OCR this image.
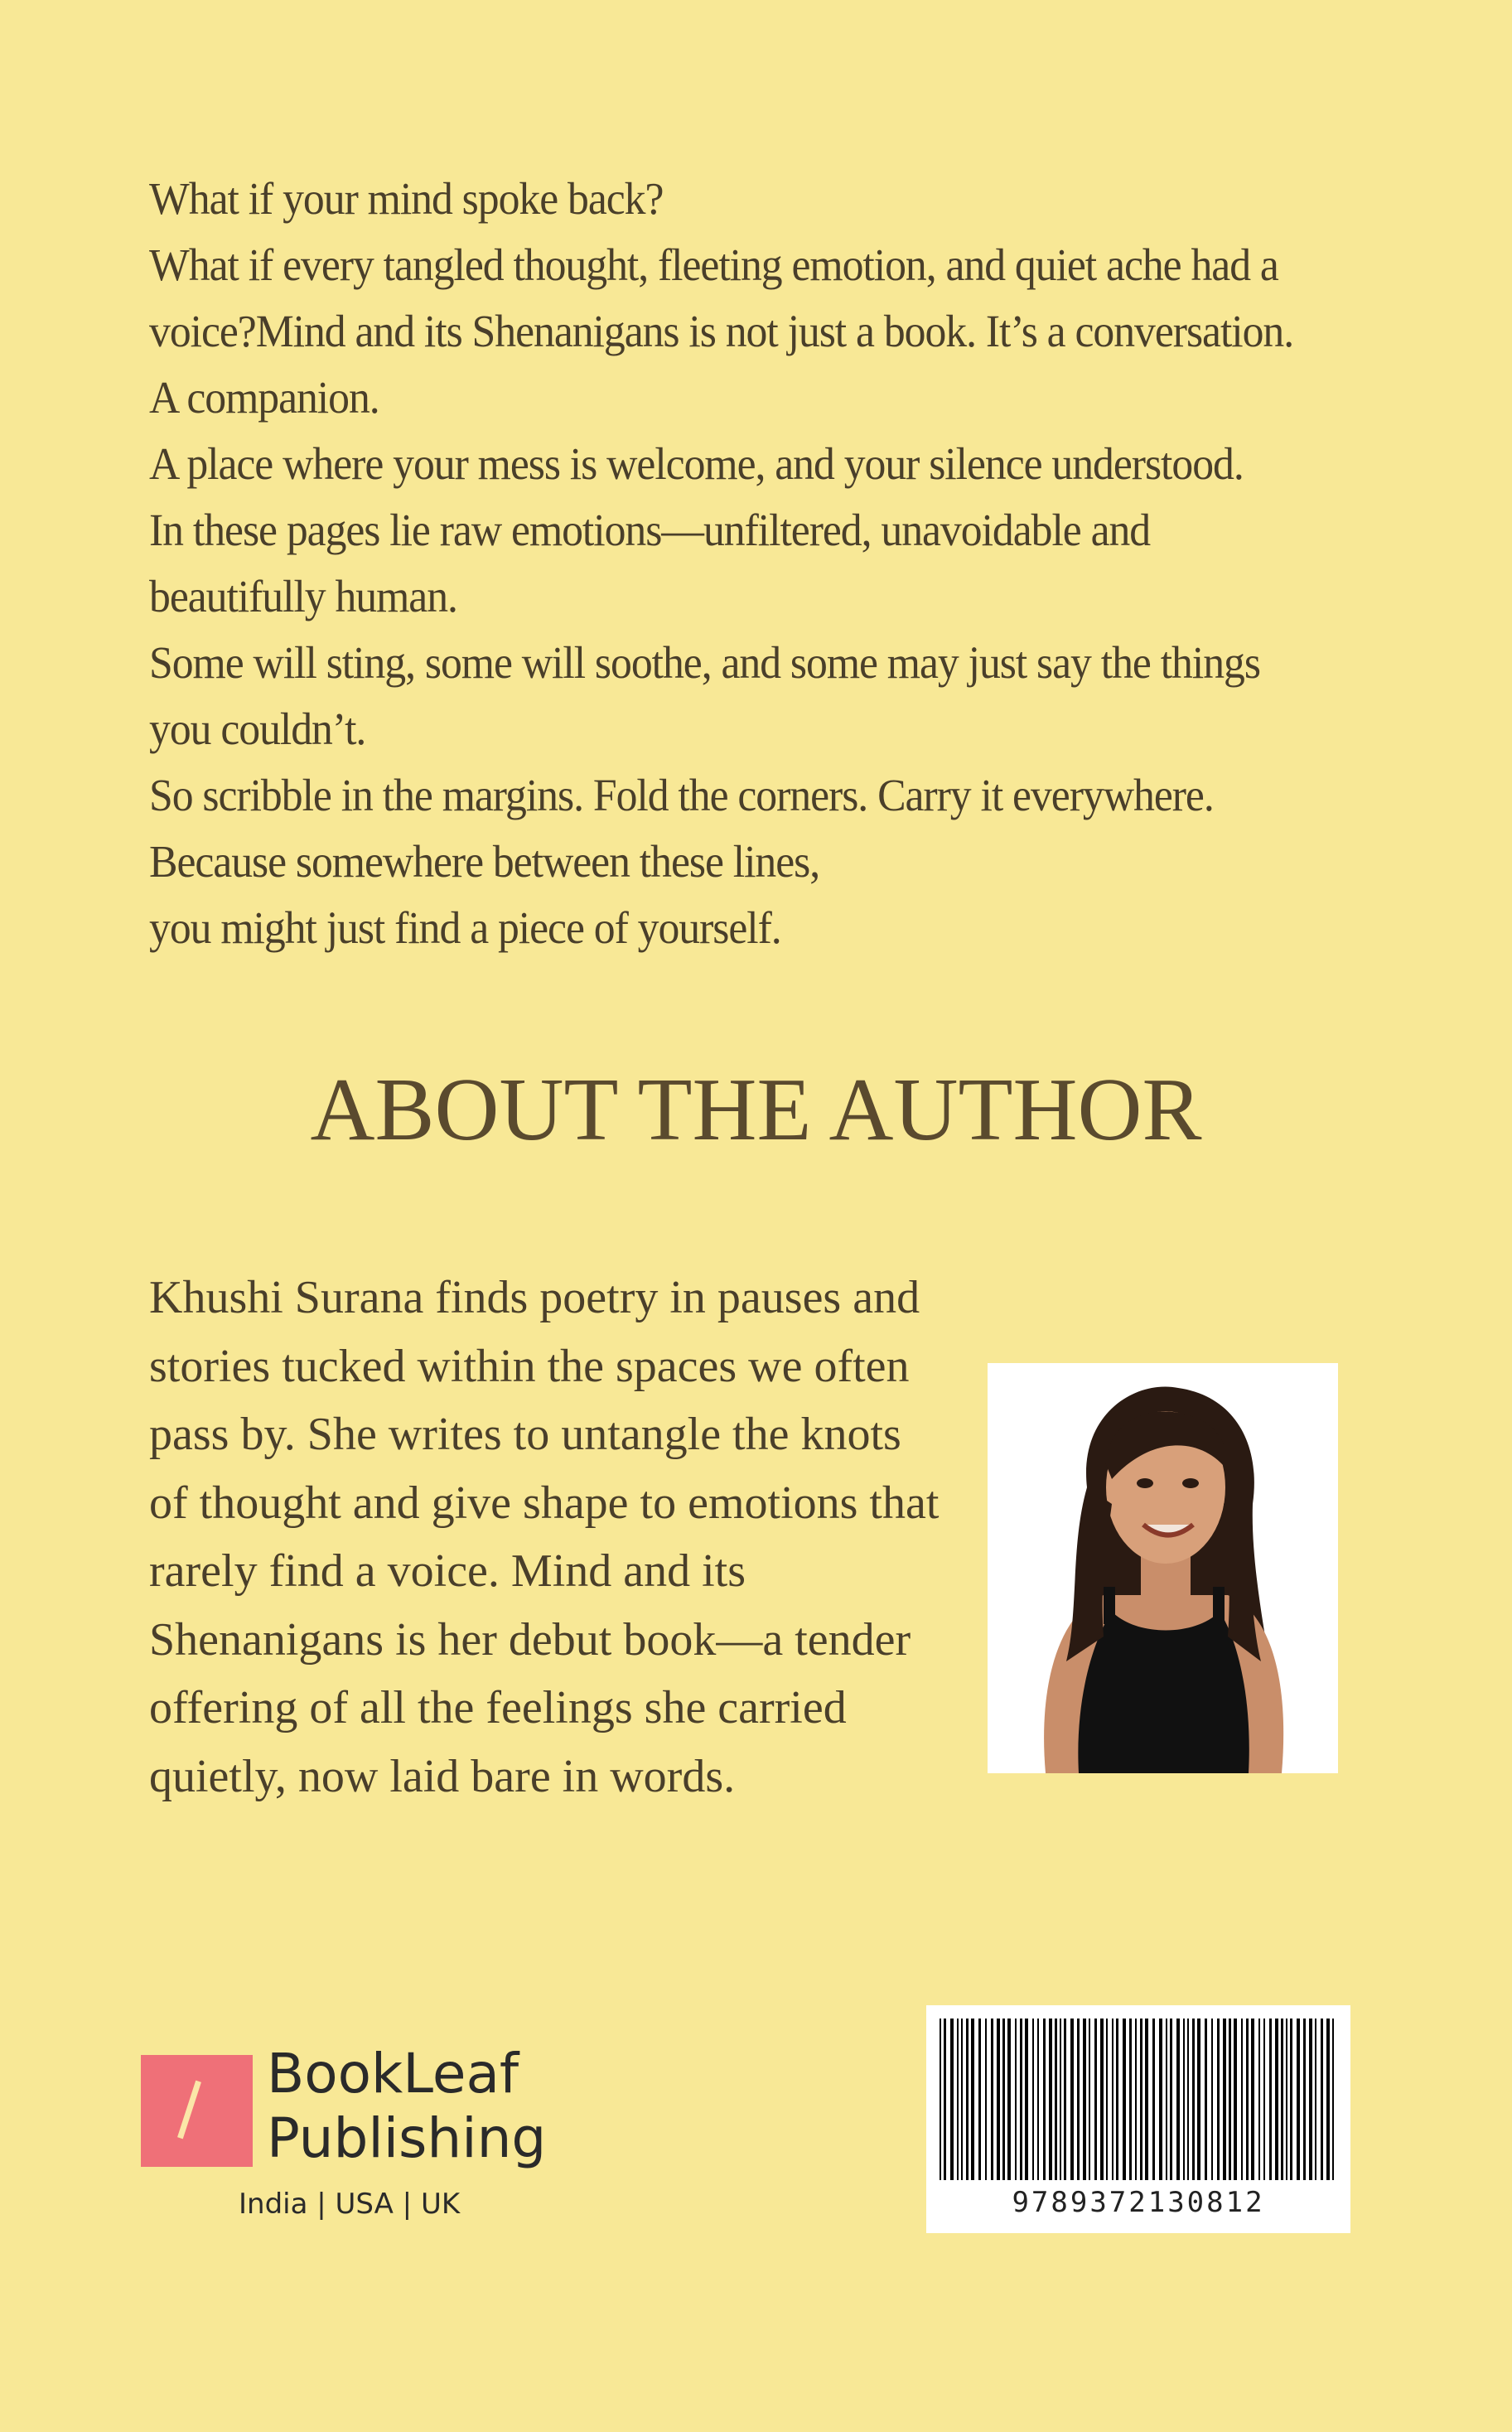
What if your mind spoke back?

What if every tangled thought, fleeting emotion, and quiet ache had a voice?Mind and its Shenanigans is not just a book. It’s a conversation. A companion.

A place where your mess is welcome, and your silence understood.

In these pages lie raw emotions—unfiltered, unavoidable and beautifully human.

Some will sting, some will soothe, and some may just say the things you couldn’t.

So scribble in the margins. Fold the corners. Carry it everywhere.

Because somewhere between these lines,

you might just find a piece of yourself.

ABOUT THE AUTHOR

Khushi Surana finds poetry in pauses and stories tucked within the spaces we often pass by. She writes to untangle the knots of thought and give shape to emotions that rarely find a voice. Mind and its Shenanigans is her debut book—a tender offering of all the feelings she carried quietly, now laid bare in words.

BookLeaf
Publishing

India | USA | UK	9789372130812
